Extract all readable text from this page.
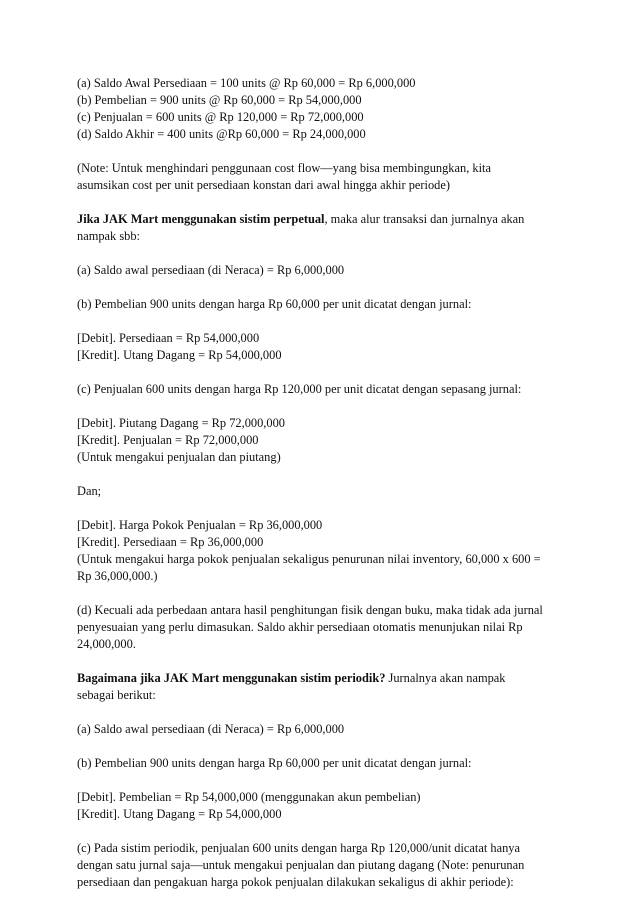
(a) Saldo Awal Persediaan = 100 units @ Rp 60,000 = Rp 6,000,000
(b) Pembelian = 900 units @ Rp 60,000 = Rp 54,000,000
(c) Penjualan = 600 units @ Rp 120,000 = Rp 72,000,000
(d) Saldo Akhir = 400 units @Rp 60,000 = Rp 24,000,000
(Note: Untuk menghindari penggunaan cost flow—yang bisa membingungkan, kita
asumsikan cost per unit persediaan konstan dari awal hingga akhir periode)
Jika JAK Mart menggunakan sistim perpetual, maka alur transaksi dan jurnalnya akan
nampak sbb:
(a) Saldo awal persediaan (di Neraca) = Rp 6,000,000
(b) Pembelian 900 units dengan harga Rp 60,000 per unit dicatat dengan jurnal:
[Debit]. Persediaan = Rp 54,000,000
[Kredit]. Utang Dagang = Rp 54,000,000
(c) Penjualan 600 units dengan harga Rp 120,000 per unit dicatat dengan sepasang jurnal:
[Debit]. Piutang Dagang = Rp 72,000,000
[Kredit]. Penjualan = Rp 72,000,000
(Untuk mengakui penjualan dan piutang)
Dan;
[Debit]. Harga Pokok Penjualan = Rp 36,000,000
[Kredit]. Persediaan = Rp 36,000,000
(Untuk mengakui harga pokok penjualan sekaligus penurunan nilai inventory, 60,000 x 600 =
Rp 36,000,000.)
(d) Kecuali ada perbedaan antara hasil penghitungan fisik dengan buku, maka tidak ada jurnal
penyesuaian yang perlu dimasukan. Saldo akhir persediaan otomatis menunjukan nilai Rp
24,000,000.
Bagaimana jika JAK Mart menggunakan sistim periodik? Jurnalnya akan nampak
sebagai berikut:
(a) Saldo awal persediaan (di Neraca) = Rp 6,000,000
(b) Pembelian 900 units dengan harga Rp 60,000 per unit dicatat dengan jurnal:
[Debit]. Pembelian = Rp 54,000,000 (menggunakan akun pembelian)
[Kredit]. Utang Dagang = Rp 54,000,000
(c) Pada sistim periodik, penjualan 600 units dengan harga Rp 120,000/unit dicatat hanya
dengan satu jurnal saja—untuk mengakui penjualan dan piutang dagang (Note: penurunan
persediaan dan pengakuan harga pokok penjualan dilakukan sekaligus di akhir periode):
